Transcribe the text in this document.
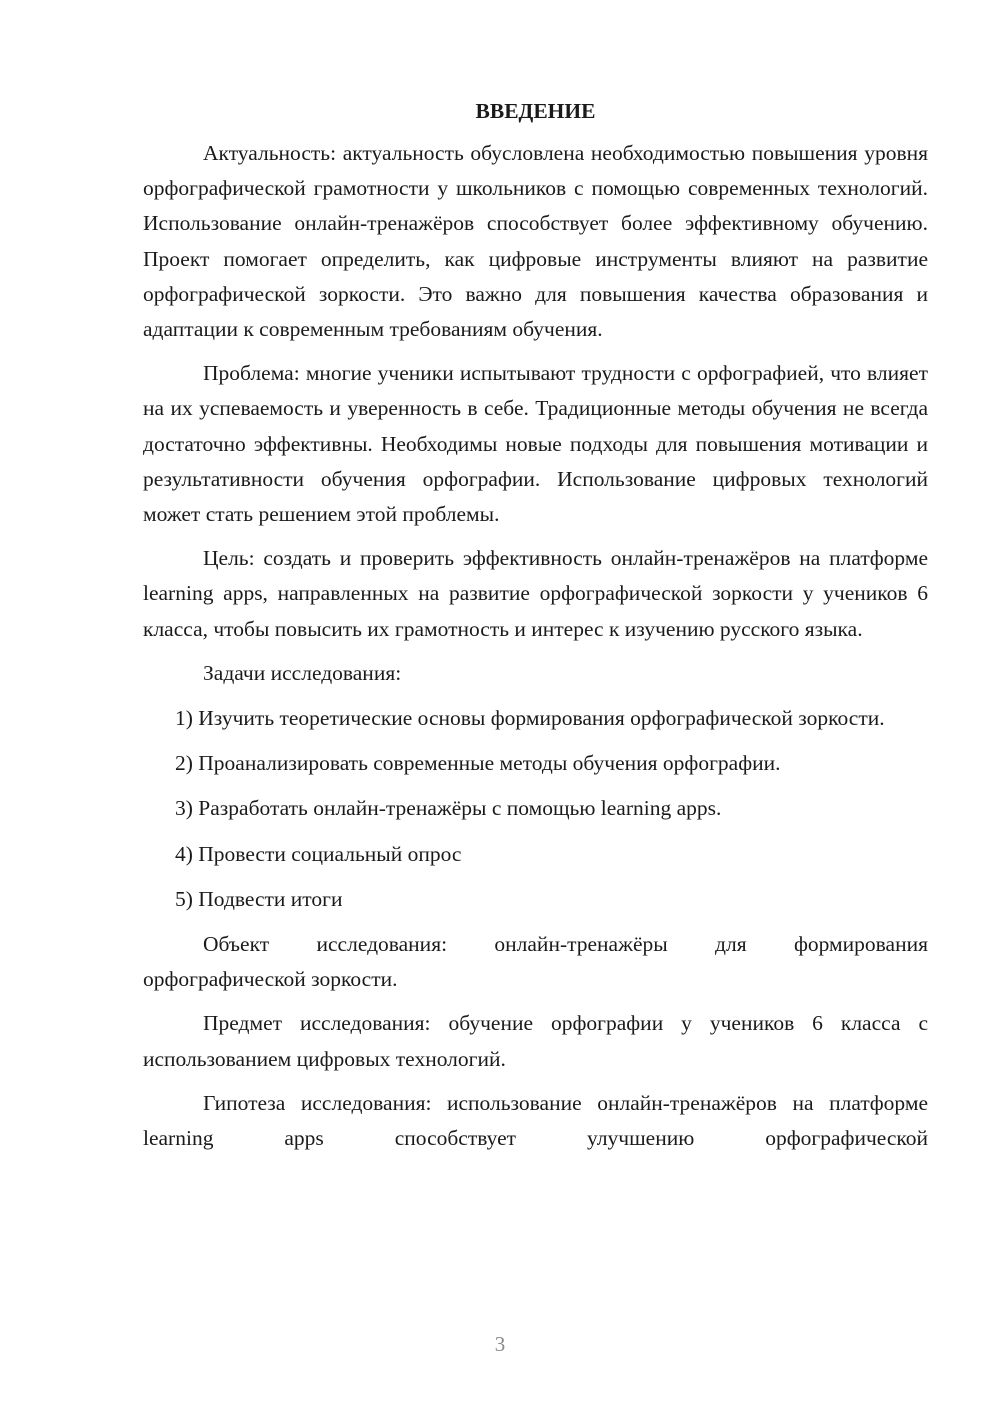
ВВЕДЕНИЕ

Актуальность: актуальность обусловлена необходимостью повышения уровня орфографической грамотности у школьников с помощью современных технологий. Использование онлайн-тренажёров способствует более эффективному обучению. Проект помогает определить, как цифровые инструменты влияют на развитие орфографической зоркости. Это важно для повышения качества образования и адаптации к современным требованиям обучения.

Проблема: многие ученики испытывают трудности с орфографией, что влияет на их успеваемость и уверенность в себе. Традиционные методы обучения не всегда достаточно эффективны. Необходимы новые подходы для повышения мотивации и результативности обучения орфографии. Использование цифровых технологий может стать решением этой проблемы.

Цель: создать и проверить эффективность онлайн-тренажёров на платформе learning apps, направленных на развитие орфографической зоркости у учеников 6 класса, чтобы повысить их грамотность и интерес к изучению русского языка.

Задачи исследования:

1) Изучить теоретические основы формирования орфографической зоркости.

2) Проанализировать современные методы обучения орфографии.

3) Разработать онлайн-тренажёры с помощью learning apps.

4) Провести социальный опрос

5) Подвести итоги

Объект исследования: онлайн-тренажёры для формирования орфографической зоркости.

Предмет исследования: обучение орфографии у учеников 6 класса с использованием цифровых технологий.

Гипотеза исследования: использование онлайн-тренажёров на платформе learning apps способствует улучшению орфографической

3
